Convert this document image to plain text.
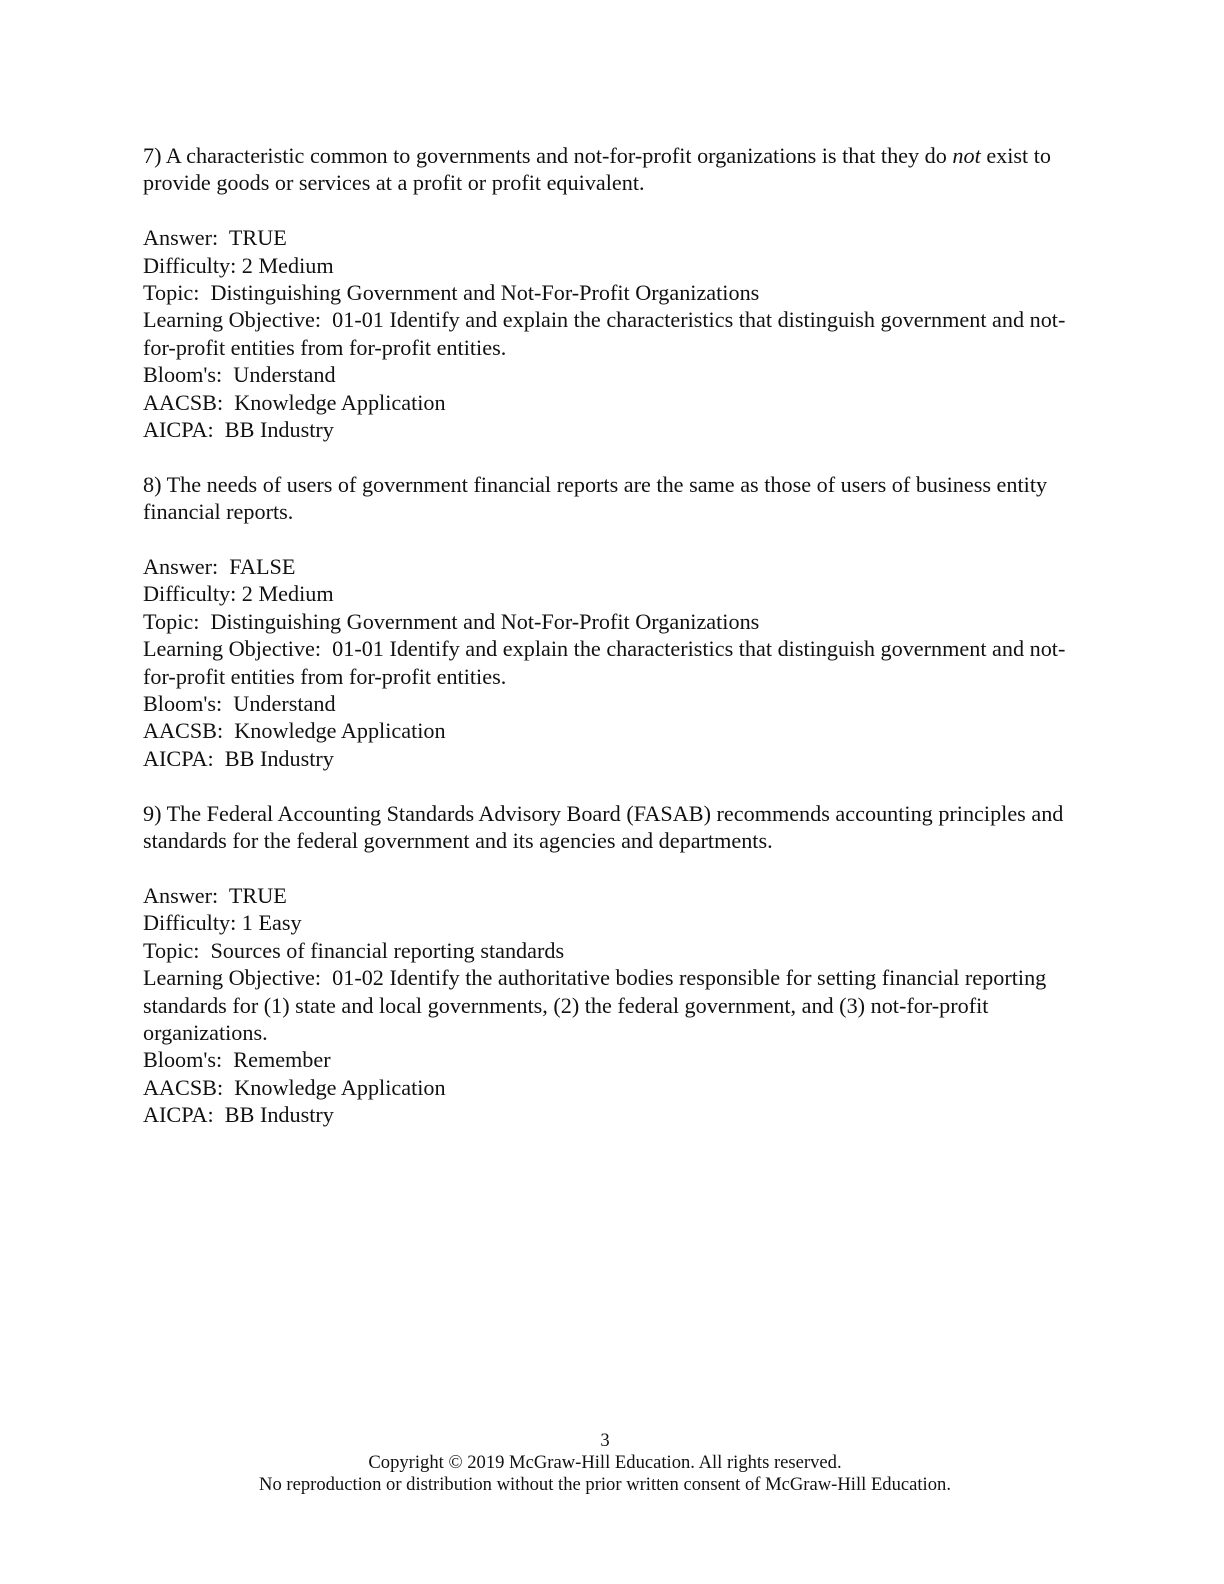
7) A characteristic common to governments and not-for-profit organizations is that they do not exist to provide goods or services at a profit or profit equivalent.

Answer:  TRUE

Difficulty: 2 Medium

Topic:  Distinguishing Government and Not-For-Profit Organizations

Learning Objective:  01-01 Identify and explain the characteristics that distinguish government and not-for-profit entities from for-profit entities.

Bloom's:  Understand

AACSB:  Knowledge Application

AICPA:  BB Industry

8) The needs of users of government financial reports are the same as those of users of business entity financial reports.

Answer:  FALSE

Difficulty: 2 Medium

Topic:  Distinguishing Government and Not-For-Profit Organizations

Learning Objective:  01-01 Identify and explain the characteristics that distinguish government and not-for-profit entities from for-profit entities.

Bloom's:  Understand

AACSB:  Knowledge Application

AICPA:  BB Industry

9) The Federal Accounting Standards Advisory Board (FASAB) recommends accounting principles and standards for the federal government and its agencies and departments.

Answer:  TRUE

Difficulty: 1 Easy

Topic:  Sources of financial reporting standards

Learning Objective:  01-02 Identify the authoritative bodies responsible for setting financial reporting standards for (1) state and local governments, (2) the federal government, and (3) not-for-profit organizations.

Bloom's:  Remember

AACSB:  Knowledge Application

AICPA:  BB Industry

3
Copyright © 2019 McGraw-Hill Education. All rights reserved.
No reproduction or distribution without the prior written consent of McGraw-Hill Education.
